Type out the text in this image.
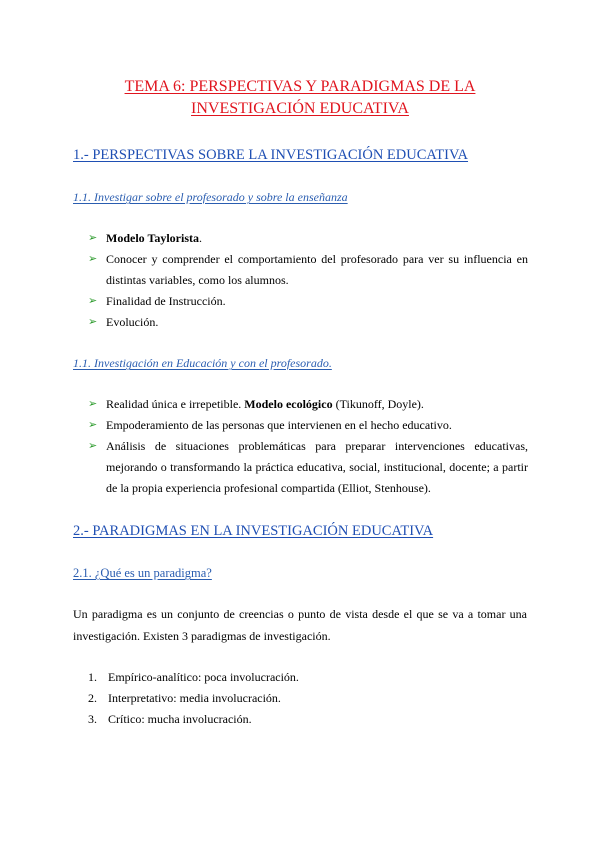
TEMA 6: PERSPECTIVAS Y PARADIGMAS DE LA

INVESTIGACIÓN EDUCATIVA

1.- PERSPECTIVAS SOBRE LA INVESTIGACIÓN EDUCATIVA

1.1. Investigar sobre el profesorado y sobre la enseñanza

➢ Modelo Taylorista.
➢ Conocer y comprender el comportamiento del profesorado para ver su influencia en distintas variables, como los alumnos.
➢ Finalidad de Instrucción.
➢ Evolución.

1.1. Investigación en Educación y con el profesorado.

➢ Realidad única e irrepetible. Modelo ecológico (Tikunoff, Doyle).
➢ Empoderamiento de las personas que intervienen en el hecho educativo.
➢ Análisis de situaciones problemáticas para preparar intervenciones educativas, mejorando o transformando la práctica educativa, social, institucional, docente; a partir de la propia experiencia profesional compartida (Elliot, Stenhouse).

2.- PARADIGMAS EN LA INVESTIGACIÓN EDUCATIVA

2.1. ¿Qué es un paradigma?

Un paradigma es un conjunto de creencias o punto de vista desde el que se va a tomar una investigación. Existen 3 paradigmas de investigación.

1. Empírico-analítico: poca involucración.
2. Interpretativo: media involucración.
3. Crítico: mucha involucración.
